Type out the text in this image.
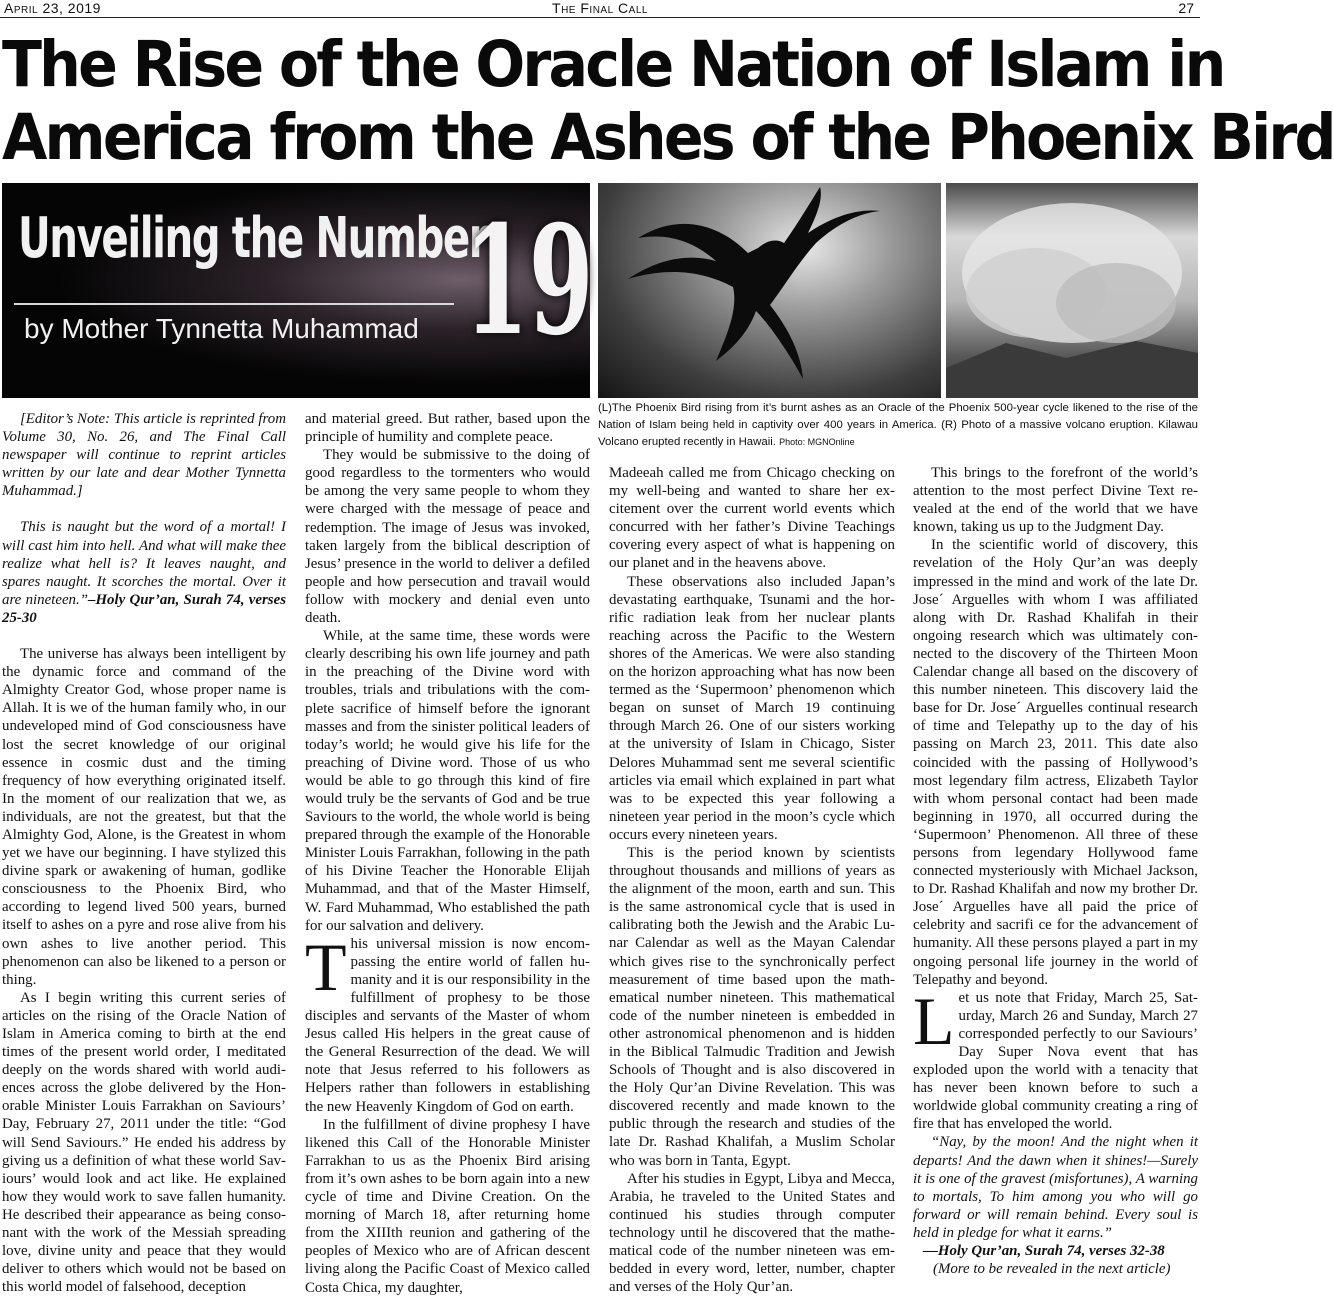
April 23, 2019	The Final Call	27
The Rise of the Oracle Nation of Islam in
America from the Ashes of the Phoenix Bird
Unveiling the Number
19
by Mother Tynnetta Muhammad
(L)The Phoenix Bird rising from it’s burnt ashes as an Oracle of the Phoenix 500-year cycle likened to the rise of the Nation of Islam being held in captivity over 400 years in America. (R) Photo of a massive volcano eruption. Kilawau Volcano erupted recently in Hawaii. Photo: MGNOnline

[Editor’s Note: This article is reprinted from Volume 30, No. 26, and The Final Call newspaper will continue to reprint articles written by our late and dear Mother Tynnetta Muhammad.]

This is naught but the word of a mortal! I will cast him into hell. And what will make thee realize what hell is? It leaves naught, and spares naught. It scorches the mortal. Over it are nineteen.”–Holy Qur’an, Surah 74, verses 25-30

The universe has always been intelligent by the dynamic force and command of the Almighty Creator God, whose proper name is Allah. It is we of the human family who, in our undeveloped mind of God consciousness have lost the secret knowledge of our original essence in cosmic dust and the timing frequency of how everything originated itself. In the moment of our realization that we, as individuals, are not the greatest, but that the Almighty God, Alone, is the Greatest in whom yet we have our beginning. I have stylized this divine spark or awakening of human, godlike consciousness to the Phoenix Bird, who according to legend lived 500 years, burned itself to ashes on a pyre and rose alive from his own ashes to live another period. This phenomenon can also be likened to a person or thing.

As I begin writing this current series of articles on the rising of the Oracle Nation of Islam in America coming to birth at the end times of the present world order, I meditated deeply on the words shared with world audiences across the globe delivered by the Honorable Minister Louis Farrakhan on Saviours’ Day, February 27, 2011 under the title: “God will Send Saviours.” He ended his address by giving us a definition of what these world Saviours’ would look and act like. He explained how they would work to save fallen humanity. He described their appearance as being consonant with the work of the Messiah spreading love, divine unity and peace that they would deliver to others which would not be based on this world model of falsehood, deception

and material greed. But rather, based upon the principle of humility and complete peace.

They would be submissive to the doing of good regardless to the tormenters who would be among the very same people to whom they were charged with the message of peace and redemption. The image of Jesus was invoked, taken largely from the biblical description of Jesus’ presence in the world to deliver a defiled people and how persecution and travail would follow with mockery and denial even unto death.

While, at the same time, these words were clearly describing his own life journey and path in the preaching of the Divine word with troubles, trials and tribulations with the complete sacrifice of himself before the ignorant masses and from the sinister political leaders of today’s world; he would give his life for the preaching of Divine word. Those of us who would be able to go through this kind of fire would truly be the servants of God and be true Saviours to the world, the whole world is being prepared through the example of the Honorable Minister Louis Farrakhan, following in the path of his Divine Teacher the Honorable Elijah Muhammad, and that of the Master Himself, W. Fard Muhammad, Who established the path for our salvation and delivery.

This universal mission is now encompassing the entire world of fallen humanity and it is our responsibility in the fulfillment of prophesy to be those disciples and servants of the Master of whom Jesus called His helpers in the great cause of the General Resurrection of the dead. We will note that Jesus referred to his followers as Helpers rather than followers in establishing the new Heavenly Kingdom of God on earth.

In the fulfillment of divine prophesy I have likened this Call of the Honorable Minister Farrakhan to us as the Phoenix Bird arising from it’s own ashes to be born again into a new cycle of time and Divine Creation. On the morning of March 18, after returning home from the XIIIth reunion and gathering of the peoples of Mexico who are of African descent living along the Pacific Coast of Mexico called Costa Chica, my daughter,

Madeeah called me from Chicago checking on my well-being and wanted to share her excitement over the current world events which concurred with her father’s Divine Teachings covering every aspect of what is happening on our planet and in the heavens above.

These observations also included Japan’s devastating earthquake, Tsunami and the horrific radiation leak from her nuclear plants reaching across the Pacific to the Western shores of the Americas. We were also standing on the horizon approaching what has now been termed as the ‘Supermoon’ phenomenon which began on sunset of March 19 continuing through March 26. One of our sisters working at the university of Islam in Chicago, Sister Delores Muhammad sent me several scientific articles via email which explained in part what was to be expected this year following a nineteen year period in the moon’s cycle which occurs every nineteen years.

This is the period known by scientists throughout thousands and millions of years as the alignment of the moon, earth and sun. This is the same astronomical cycle that is used in calibrating both the Jewish and the Arabic Lunar Calendar as well as the Mayan Calendar which gives rise to the synchronically perfect measurement of time based upon the mathematical number nineteen. This mathematical code of the number nineteen is embedded in other astronomical phenomenon and is hidden in the Biblical Talmudic Tradition and Jewish Schools of Thought and is also discovered in the Holy Qur’an Divine Revelation. This was discovered recently and made known to the public through the research and studies of the late Dr. Rashad Khalifah, a Muslim Scholar who was born in Tanta, Egypt.

After his studies in Egypt, Libya and Mecca, Arabia, he traveled to the United States and continued his studies through computer technology until he discovered that the mathematical code of the number nineteen was embedded in every word, letter, number, chapter and verses of the Holy Qur’an.

This brings to the forefront of the world’s attention to the most perfect Divine Text revealed at the end of the world that we have known, taking us up to the Judgment Day.

In the scientific world of discovery, this revelation of the Holy Qur’an was deeply impressed in the mind and work of the late Dr. Jose´ Arguelles with whom I was affiliated along with Dr. Rashad Khalifah in their ongoing research which was ultimately connected to the discovery of the Thirteen Moon Calendar change all based on the discovery of this number nineteen. This discovery laid the base for Dr. Jose´ Arguelles continual research of time and Telepathy up to the day of his passing on March 23, 2011. This date also coincided with the passing of Hollywood’s most legendary film actress, Elizabeth Taylor with whom personal contact had been made beginning in 1970, all occurred during the ‘Supermoon’ Phenomenon. All three of these persons from legendary Hollywood fame connected mysteriously with Michael Jackson, to Dr. Rashad Khalifah and now my brother Dr. Jose´ Arguelles have all paid the price of celebrity and sacrifi ce for the advancement of humanity. All these persons played a part in my ongoing personal life journey in the world of Telepathy and beyond.

Let us note that Friday, March 25, Saturday, March 26 and Sunday, March 27 corresponded perfectly to our Saviours’ Day Super Nova event that has exploded upon the world with a tenacity that has never been known before to such a worldwide global community creating a ring of fire that has enveloped the world.

“Nay, by the moon! And the night when it departs! And the dawn when it shines!—Surely it is one of the gravest (misfortunes), A warning to mortals, To him among you who will go forward or will remain behind. Every soul is held in pledge for what it earns.”

—Holy Qur’an, Surah 74, verses 32-38

(More to be revealed in the next article)
